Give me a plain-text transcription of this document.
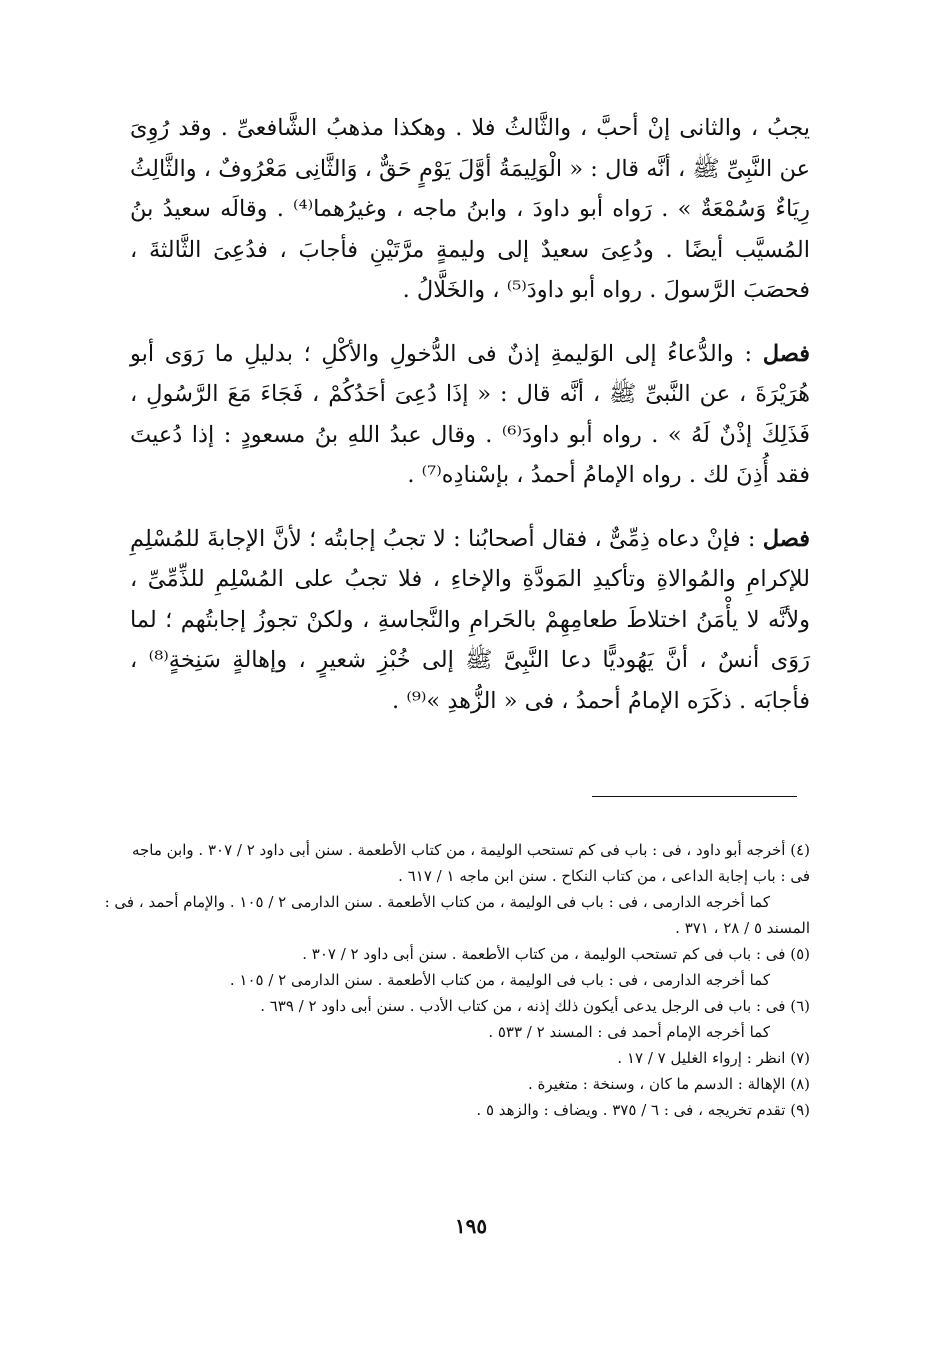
يجبُ ، والثانى إنْ أحبَّ ، والثَّالثُ فلا . وهكذا مذهبُ الشَّافعىِّ . وقد رُوِىَ عن النَّبِىِّ ﷺ ، أنَّه قال : « الْوَلِيمَةُ أوَّلَ يَوْمٍ حَقٌّ ، وَالثَّانِى مَعْرُوفٌ ، والثَّالِثُ رِيَاءٌ وَسُمْعَةٌ » . رَواه أبو داودَ ، وابنُ ماجه ، وغيرُهما⁽⁴⁾ . وقالَه سعيدُ بنُ المُسيَّب أيضًا . ودُعِىَ سعيدٌ إلى وليمةٍ مرَّتَيْنِ فأجابَ ، فدُعِىَ الثَّالثةَ ، فحصَبَ الرَّسولَ . رواه أبو داودَ⁽⁵⁾ ، والخَلَّالُ .

فصل : والدُّعاءُ إلى الوَليمةِ إذنٌ فى الدُّخولِ والأكْلِ ؛ بدليلِ ما رَوَى أبو هُرَيْرَةَ ، عن النَّبىِّ ﷺ ، أنَّه قال : « إذَا دُعِىَ أحَدُكُمْ ، فَجَاءَ مَعَ الرَّسُولِ ، فَذَلِكَ إذْنٌ لَهُ » . رواه أبو داودَ⁽⁶⁾ . وقال عبدُ اللهِ بنُ مسعودٍ : إذا دُعيتَ فقد أُذِنَ لك . رواه الإمامُ أحمدُ ، بإسْنادِه⁽⁷⁾ .

فصل : فإنْ دعاه ذِمِّىٌّ ، فقال أصحابُنا : لا تجبُ إجابتُه ؛ لأنَّ الإجابةَ للمُسْلِمِ للإكرامِ والمُوالاةِ وتأكيدِ المَودَّةِ والإخاءِ ، فلا تجبُ على المُسْلِمِ للذِّمِّىِّ ، ولأنَّه لا يأْمَنُ اختلاطَ طعامِهِمْ بالحَرامِ والنَّجاسةِ ، ولكنْ تجوزُ إجابتُهم ؛ لما رَوَى أنسٌ ، أنَّ يَهُوديًّا دعا النَّبِىَّ ﷺ إلى خُبْزِ شعيرٍ ، وإهالةٍ سَنِخةٍ⁽⁸⁾ ، فأجابَه . ذكَرَه الإمامُ أحمدُ ، فى « الزُّهدِ »⁽⁹⁾ .

(٤) أخرجه أبو داود ، فى : باب فى كم تستحب الوليمة ، من كتاب الأطعمة . سنن أبى داود ٢ / ٣٠٧ . وابن ماجه

فى : باب إجابة الداعى ، من كتاب النكاح . سنن ابن ماجه ١ / ٦١٧ .

كما أخرجه الدارمى ، فى : باب فى الوليمة ، من كتاب الأطعمة . سنن الدارمى ٢ / ١٠٥ . والإمام أحمد ، فى :

المسند ٥ / ٢٨ ، ٣٧١ .

(٥) فى : باب فى كم تستحب الوليمة ، من كتاب الأطعمة . سنن أبى داود ٢ / ٣٠٧ .

كما أخرجه الدارمى ، فى : باب فى الوليمة ، من كتاب الأطعمة . سنن الدارمى ٢ / ١٠٥ .

(٦) فى : باب فى الرجل يدعى أيكون ذلك إذنه ، من كتاب الأدب . سنن أبى داود ٢ / ٦٣٩ .

كما أخرجه الإمام أحمد فى : المسند ٢ / ٥٣٣ .

(٧) انظر : إرواء الغليل ٧ / ١٧ .

(٨) الإهالة : الدسم ما كان ، وسنخة : متغيرة .

(٩) تقدم تخريجه ، فى : ٦ / ٣٧٥ . ويضاف : والزهد ٥ .

١٩٥
